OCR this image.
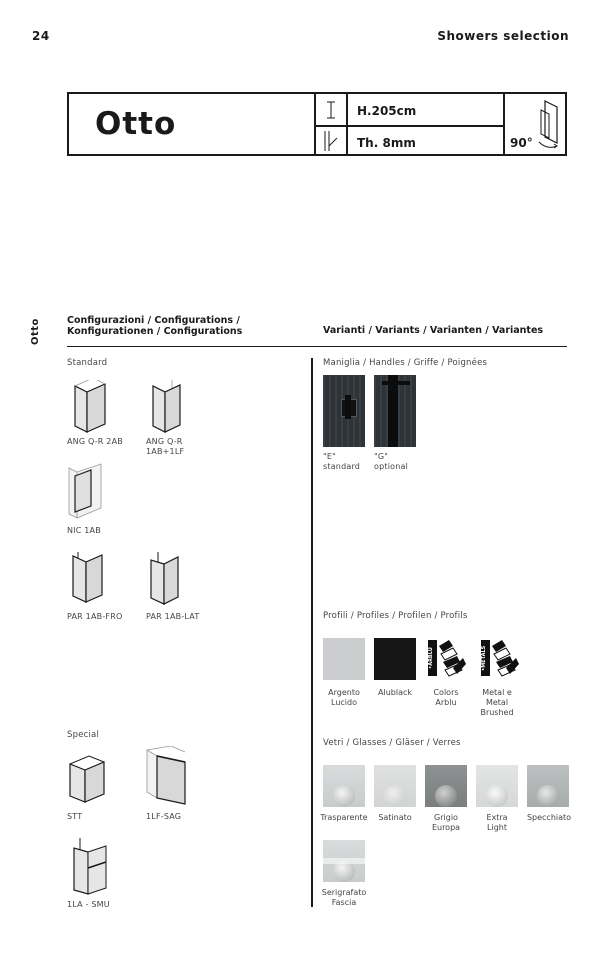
24	Showers selection
Otto	H.205cm
Th. 8mm	90°
Otto	Configurazioni / Configurations /
Konfigurationen / Configurations	Varianti / Variants / Varianten / Variantes
Standard
ANG Q-R 2AB	ANG Q-R
1AB+1LF
NIC 1AB
PAR 1AB-FRO	PAR 1AB-LAT
Special
STT	1LF-SAG
1LA - SMU
Maniglia / Handles / Griffe / Poignées
"E"
standard
"G"
optional
Profili / Profiles / Profilen / Profils
•ARBLU	•METALS
Argento
Lucido
Alublack	Colors
Arblu
Metal e
Metal
Brushed
Vetri / Glasses / Gläser / Verres
Trasparente	Satinato	Grigio
Europa
Extra
Light
Specchiato
Serigrafato
Fascia
